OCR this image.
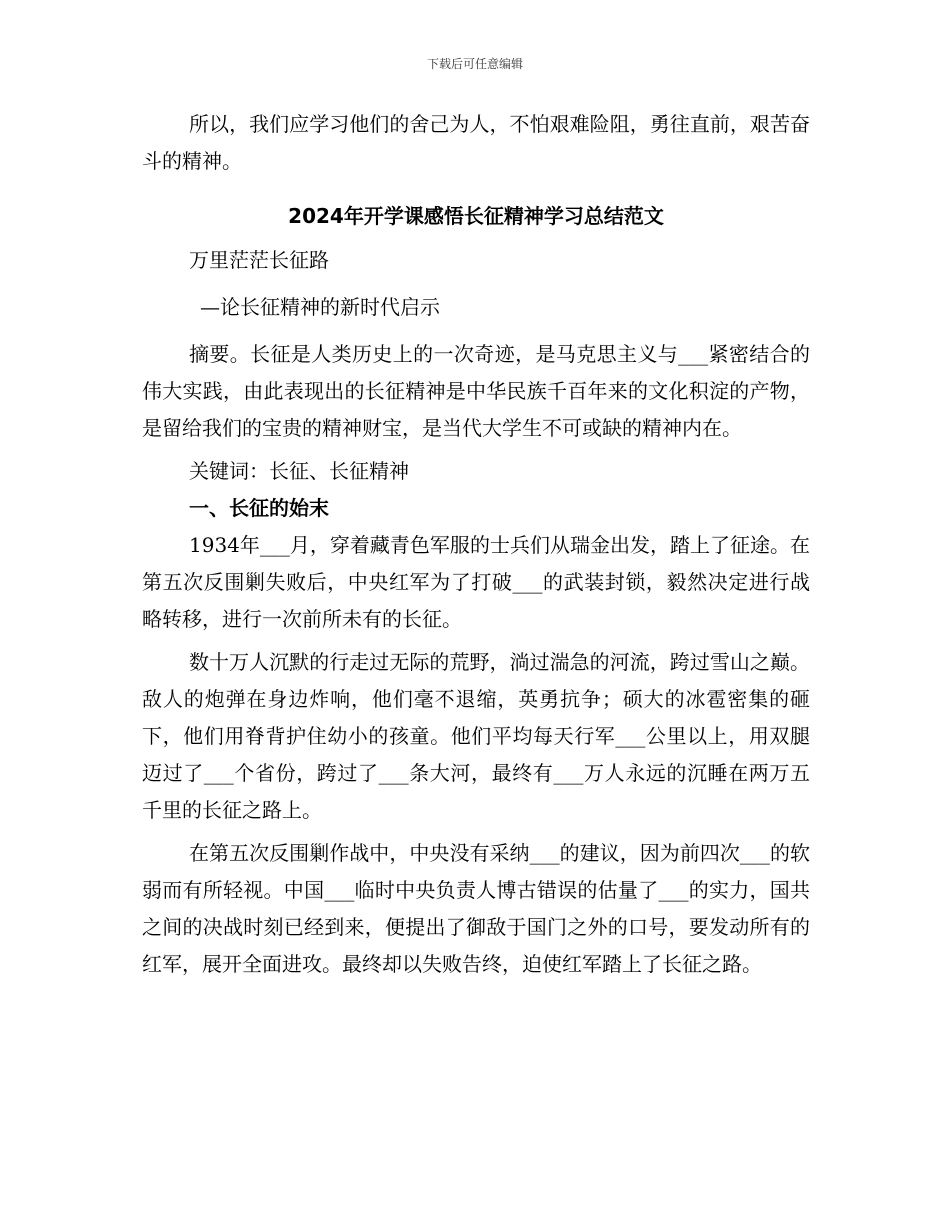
下载后可任意编辑

所以，我们应学习他们的舍己为人，不怕艰难险阻，勇往直前，艰苦奋斗的精神。

2024年开学课感悟长征精神学习总结范文

万里茫茫长征路

—论长征精神的新时代启示

摘要。长征是人类历史上的一次奇迹，是马克思主义与___紧密结合的伟大实践，由此表现出的长征精神是中华民族千百年来的文化积淀的产物，是留给我们的宝贵的精神财宝，是当代大学生不可或缺的精神内在。

关键词：长征、长征精神

一、长征的始末

1934年___月，穿着藏青色军服的士兵们从瑞金出发，踏上了征途。在第五次反围剿失败后，中央红军为了打破___的武装封锁，毅然决定进行战略转移，进行一次前所未有的长征。

数十万人沉默的行走过无际的荒野，淌过湍急的河流，跨过雪山之巅。敌人的炮弹在身边炸响，他们毫不退缩，英勇抗争；硕大的冰雹密集的砸下，他们用脊背护住幼小的孩童。他们平均每天行军___公里以上，用双腿迈过了___个省份，跨过了___条大河，最终有___万人永远的沉睡在两万五千里的长征之路上。

在第五次反围剿作战中，中央没有采纳___的建议，因为前四次___的软弱而有所轻视。中国___临时中央负责人博古错误的估量了___的实力，国共之间的决战时刻已经到来，便提出了御敌于国门之外的口号，要发动所有的红军，展开全面进攻。最终却以失败告终，迫使红军踏上了长征之路。
